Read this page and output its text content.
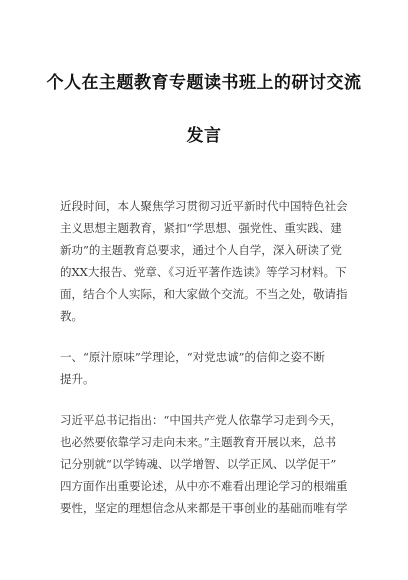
个人在主题教育专题读书班上的研讨交流
发言

近段时间，本人聚焦学习贯彻习近平新时代中国特色社会
主义思想主题教育，紧扣“学思想、强党性、重实践、建
新功”的主题教育总要求，通过个人自学，深入研读了党
的XX大报告、党章、《习近平著作选读》等学习材料。下
面，结合个人实际，和大家做个交流。不当之处，敬请指
教。

一、“原汁原味”学理论，“对党忠诚”的信仰之姿不断
提升。

习近平总书记指出：“中国共产党人依靠学习走到今天，
也必然要依靠学习走向未来。”主题教育开展以来，总书
记分别就“以学铸魂、以学增智、以学正风、以学促干”
四方面作出重要论述，从中亦不难看出理论学习的根端重
要性，坚定的理想信念从来都是干事创业的基础而唯有学
